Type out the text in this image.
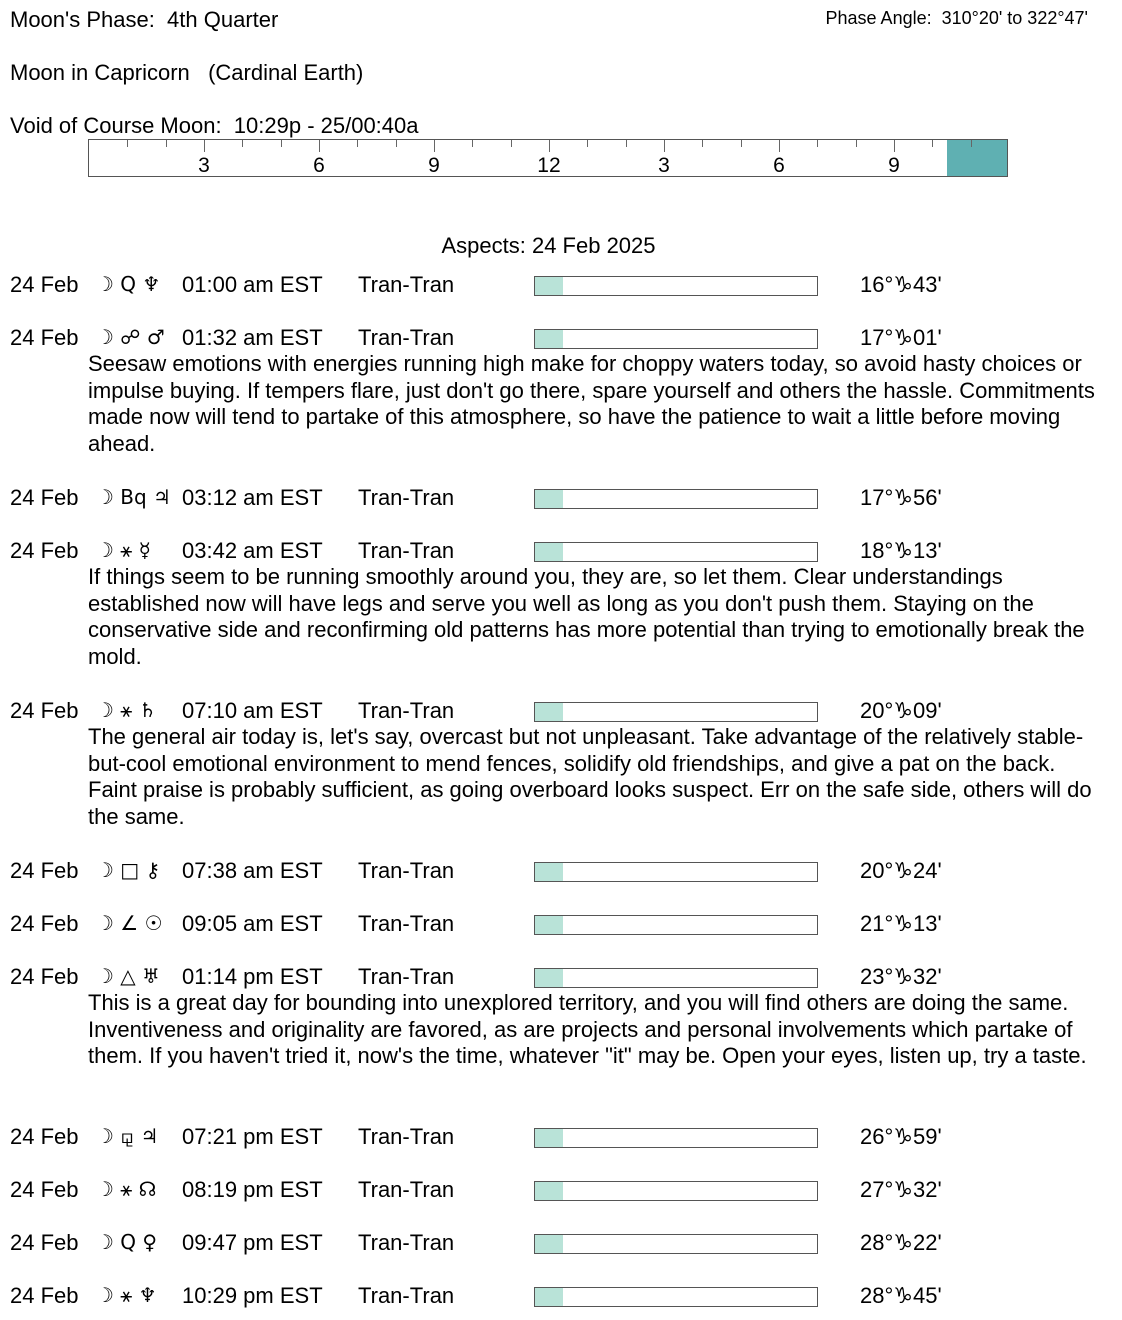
Moon's Phase:  4th Quarter	Phase Angle:  310°20' to 322°47'
Moon in Capricorn   (Cardinal Earth)
Void of Course Moon:  10:29p - 25/00:40a
3	6	9	12	3	6	9
Aspects: 24 Feb 2025
24 Feb ☽ Q ♆ 01:00 am EST Tran-Tran	16°♑43'
24 Feb ☽ ☍ ♂ 01:32 am EST Tran-Tran	17°♑01'
Seesaw emotions with energies running high make for choppy waters today, so avoid hasty choices or impulse buying. If tempers flare, just don't go there, spare yourself and others the hassle. Commitments made now will tend to partake of this atmosphere, so have the patience to wait a little before moving ahead.
24 Feb ☽ Bq ♃ 03:12 am EST Tran-Tran	17°♑56'
24 Feb ☽ ⚹ ☿ 03:42 am EST Tran-Tran	18°♑13'
If things seem to be running smoothly around you, they are, so let them. Clear understandings established now will have legs and serve you well as long as you don't push them. Staying on the conservative side and reconfirming old patterns has more potential than trying to emotionally break the mold.
24 Feb ☽ ⚹ ♄ 07:10 am EST Tran-Tran	20°♑09'
The general air today is, let's say, overcast but not unpleasant. Take advantage of the relatively stable-but-cool emotional environment to mend fences, solidify old friendships, and give a pat on the back. Faint praise is probably sufficient, as going overboard looks suspect. Err on the safe side, others will do the same.
24 Feb ☽ □ ⚷ 07:38 am EST Tran-Tran	20°♑24'
24 Feb ☽ ∠ ☉ 09:05 am EST Tran-Tran	21°♑13'
24 Feb ☽ △ ♅ 01:14 pm EST Tran-Tran	23°♑32'
This is a great day for bounding into unexplored territory, and you will find others are doing the same. Inventiveness and originality are favored, as are projects and personal involvements which partake of them. If you haven't tried it, now's the time, whatever "it" may be. Open your eyes, listen up, try a taste.
24 Feb ☽ ⚼ ♃ 07:21 pm EST Tran-Tran	26°♑59'
24 Feb ☽ ⚹ ☊ 08:19 pm EST Tran-Tran	27°♑32'
24 Feb ☽ Q ♀ 09:47 pm EST Tran-Tran	28°♑22'
24 Feb ☽ ⚹ ♆ 10:29 pm EST Tran-Tran	28°♑45'
